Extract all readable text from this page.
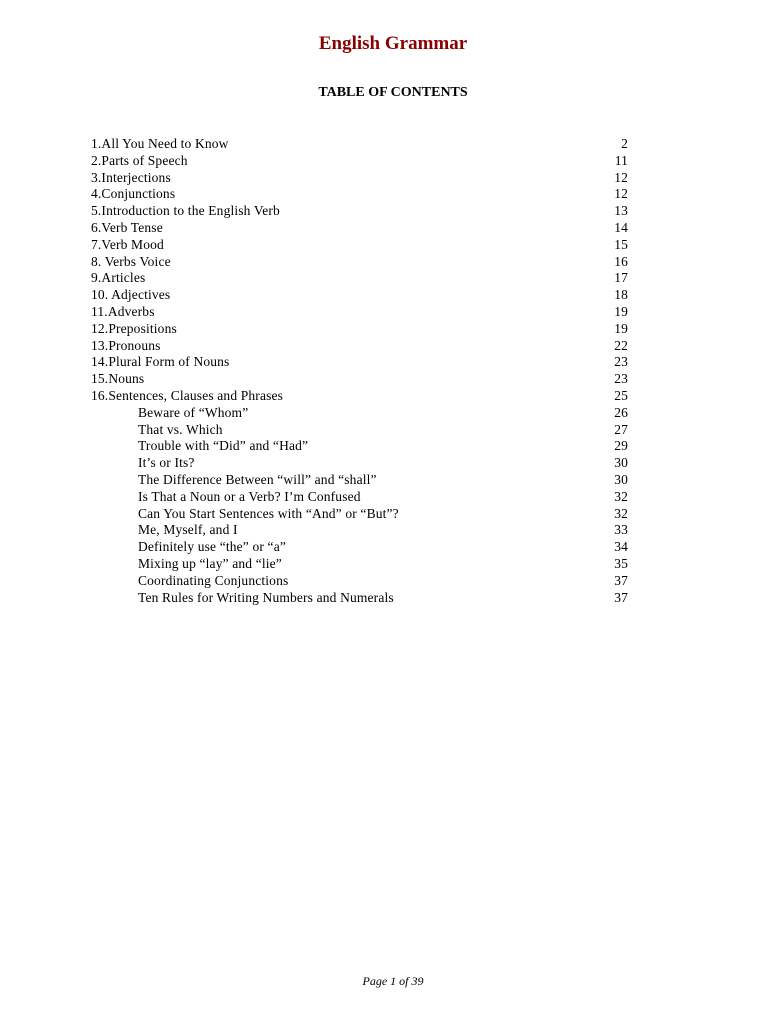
English Grammar
TABLE OF CONTENTS
1.All You Need to Know	2
2.Parts of Speech	11
3.Interjections	12
4.Conjunctions	12
5.Introduction to the English Verb	13
6.Verb Tense	14
7.Verb Mood	15
8. Verbs Voice	16
9.Articles	17
10. Adjectives	18
11.Adverbs	19
12.Prepositions	19
13.Pronouns	22
14.Plural Form of Nouns	23
15.Nouns	23
16.Sentences, Clauses and Phrases	25
Beware of “Whom”	26
That vs. Which	27
Trouble with “Did” and “Had”	29
It’s or Its?	30
The Difference Between “will” and “shall”	30
Is That a Noun or a Verb? I’m Confused	32
Can You Start Sentences with “And” or “But”?	32
Me, Myself, and I	33
Definitely use “the” or “a”	34
Mixing up “lay” and “lie”	35
Coordinating Conjunctions	37
Ten Rules for Writing Numbers and Numerals	37

Page 1 of 39
